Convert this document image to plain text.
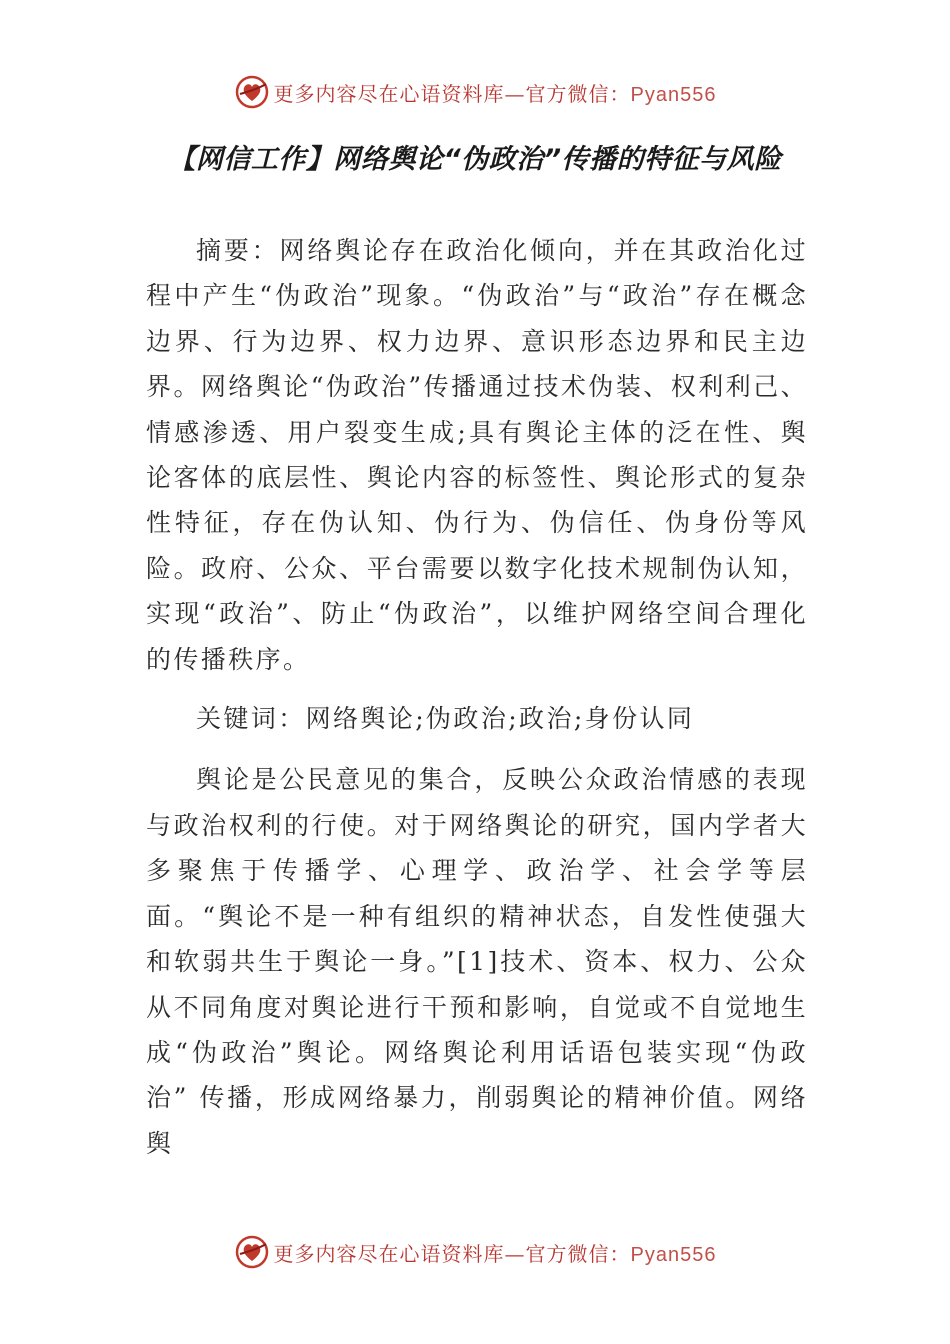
更多内容尽在心语资料库—官方微信：Pyan556
【网信工作】网络舆论“伪政治”传播的特征与风险

摘要：网络舆论存在政治化倾向，并在其政治化过程中产生“伪政治”现象。“伪政治”与“政治”存在概念边界、行为边界、权力边界、意识形态边界和民主边界。网络舆论“伪政治”传播通过技术伪装、权利利己、情感渗透、用户裂变生成;具有舆论主体的泛在性、舆论客体的底层性、舆论内容的标签性、舆论形式的复杂性特征，存在伪认知、伪行为、伪信任、伪身份等风险。政府、公众、平台需要以数字化技术规制伪认知，实现“政治”、防止“伪政治”，以维护网络空间合理化的传播秩序。

关键词：网络舆论;伪政治;政治;身份认同

舆论是公民意见的集合，反映公众政治情感的表现与政治权利的行使。对于网络舆论的研究，国内学者大多聚焦于传播学、心理学、政治学、社会学等层面。“舆论不是一种有组织的精神状态，自发性使强大和软弱共生于舆论一身。”[1]技术、资本、权力、公众从不同角度对舆论进行干预和影响，自觉或不自觉地生成“伪政治”舆论。网络舆论利用话语包装实现“伪政治” 传播，形成网络暴力，削弱舆论的精神价值。网络舆

更多内容尽在心语资料库—官方微信：Pyan556
